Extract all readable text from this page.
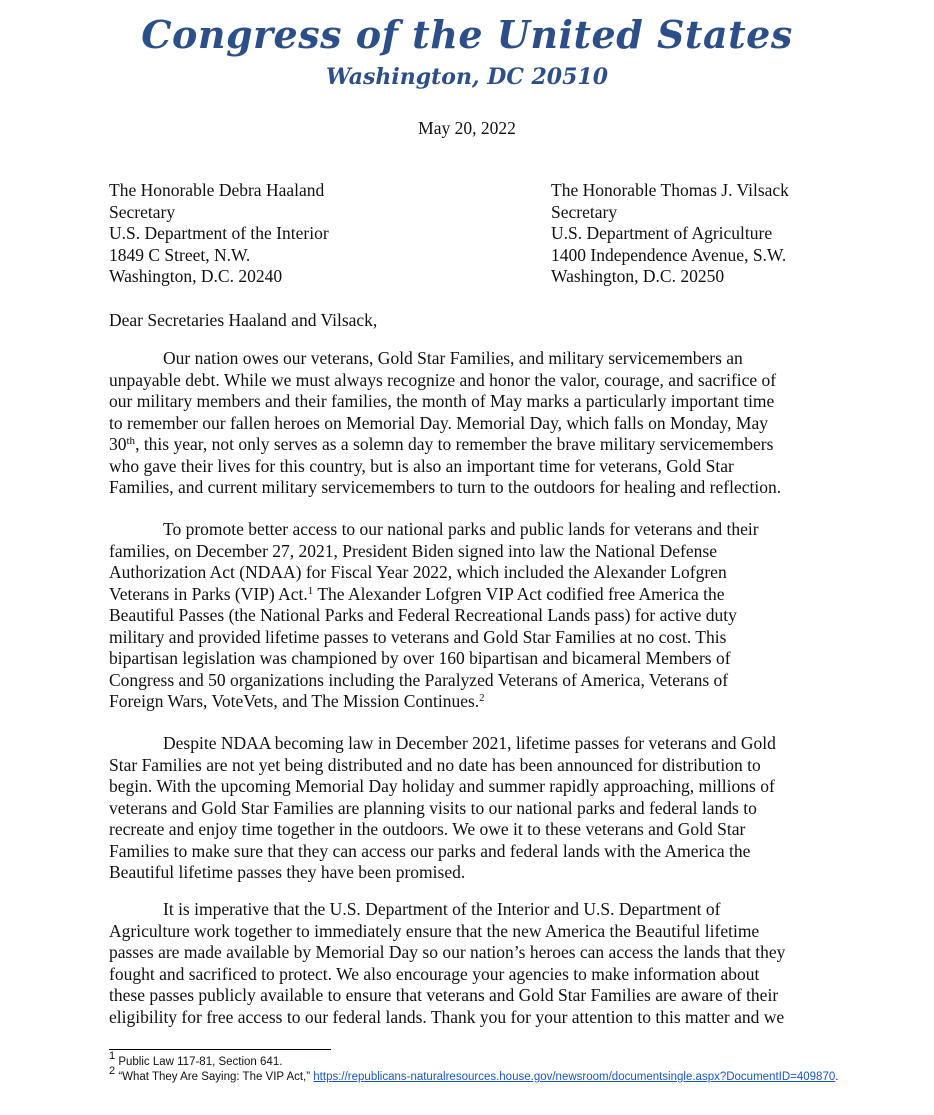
Congress of the United States
Washington, DC 20510
May 20, 2022
The Honorable Debra Haaland
Secretary
U.S. Department of the Interior
1849 C Street, N.W.
Washington, D.C. 20240
The Honorable Thomas J. Vilsack
Secretary
U.S. Department of Agriculture
1400 Independence Avenue, S.W.
Washington, D.C. 20250
Dear Secretaries Haaland and Vilsack,
Our nation owes our veterans, Gold Star Families, and military servicemembers an
unpayable debt. While we must always recognize and honor the valor, courage, and sacrifice of
our military members and their families, the month of May marks a particularly important time
to remember our fallen heroes on Memorial Day. Memorial Day, which falls on Monday, May
30th, this year, not only serves as a solemn day to remember the brave military servicemembers
who gave their lives for this country, but is also an important time for veterans, Gold Star
Families, and current military servicemembers to turn to the outdoors for healing and reflection.
To promote better access to our national parks and public lands for veterans and their
families, on December 27, 2021, President Biden signed into law the National Defense
Authorization Act (NDAA) for Fiscal Year 2022, which included the Alexander Lofgren
Veterans in Parks (VIP) Act.$^1$ The Alexander Lofgren VIP Act codified free America the
Beautiful Passes (the National Parks and Federal Recreational Lands pass) for active duty
military and provided lifetime passes to veterans and Gold Star Families at no cost. This
bipartisan legislation was championed by over 160 bipartisan and bicameral Members of
Congress and 50 organizations including the Paralyzed Veterans of America, Veterans of
Foreign Wars, VoteVets, and The Mission Continues.$^2$
Despite NDAA becoming law in December 2021, lifetime passes for veterans and Gold
Star Families are not yet being distributed and no date has been announced for distribution to
begin. With the upcoming Memorial Day holiday and summer rapidly approaching, millions of
veterans and Gold Star Families are planning visits to our national parks and federal lands to
recreate and enjoy time together in the outdoors. We owe it to these veterans and Gold Star
Families to make sure that they can access our parks and federal lands with the America the
Beautiful lifetime passes they have been promised.
It is imperative that the U.S. Department of the Interior and U.S. Department of
Agriculture work together to immediately ensure that the new America the Beautiful lifetime
passes are made available by Memorial Day so our nation’s heroes can access the lands that they
fought and sacrificed to protect. We also encourage your agencies to make information about
these passes publicly available to ensure that veterans and Gold Star Families are aware of their
eligibility for free access to our federal lands. Thank you for your attention to this matter and we
$^1$ Public Law 117-81, Section 641.
$^2$ “What They Are Saying: The VIP Act,” https://republicans-naturalresources.house.gov/newsroom/documentsingle.aspx?DocumentID=409870.
